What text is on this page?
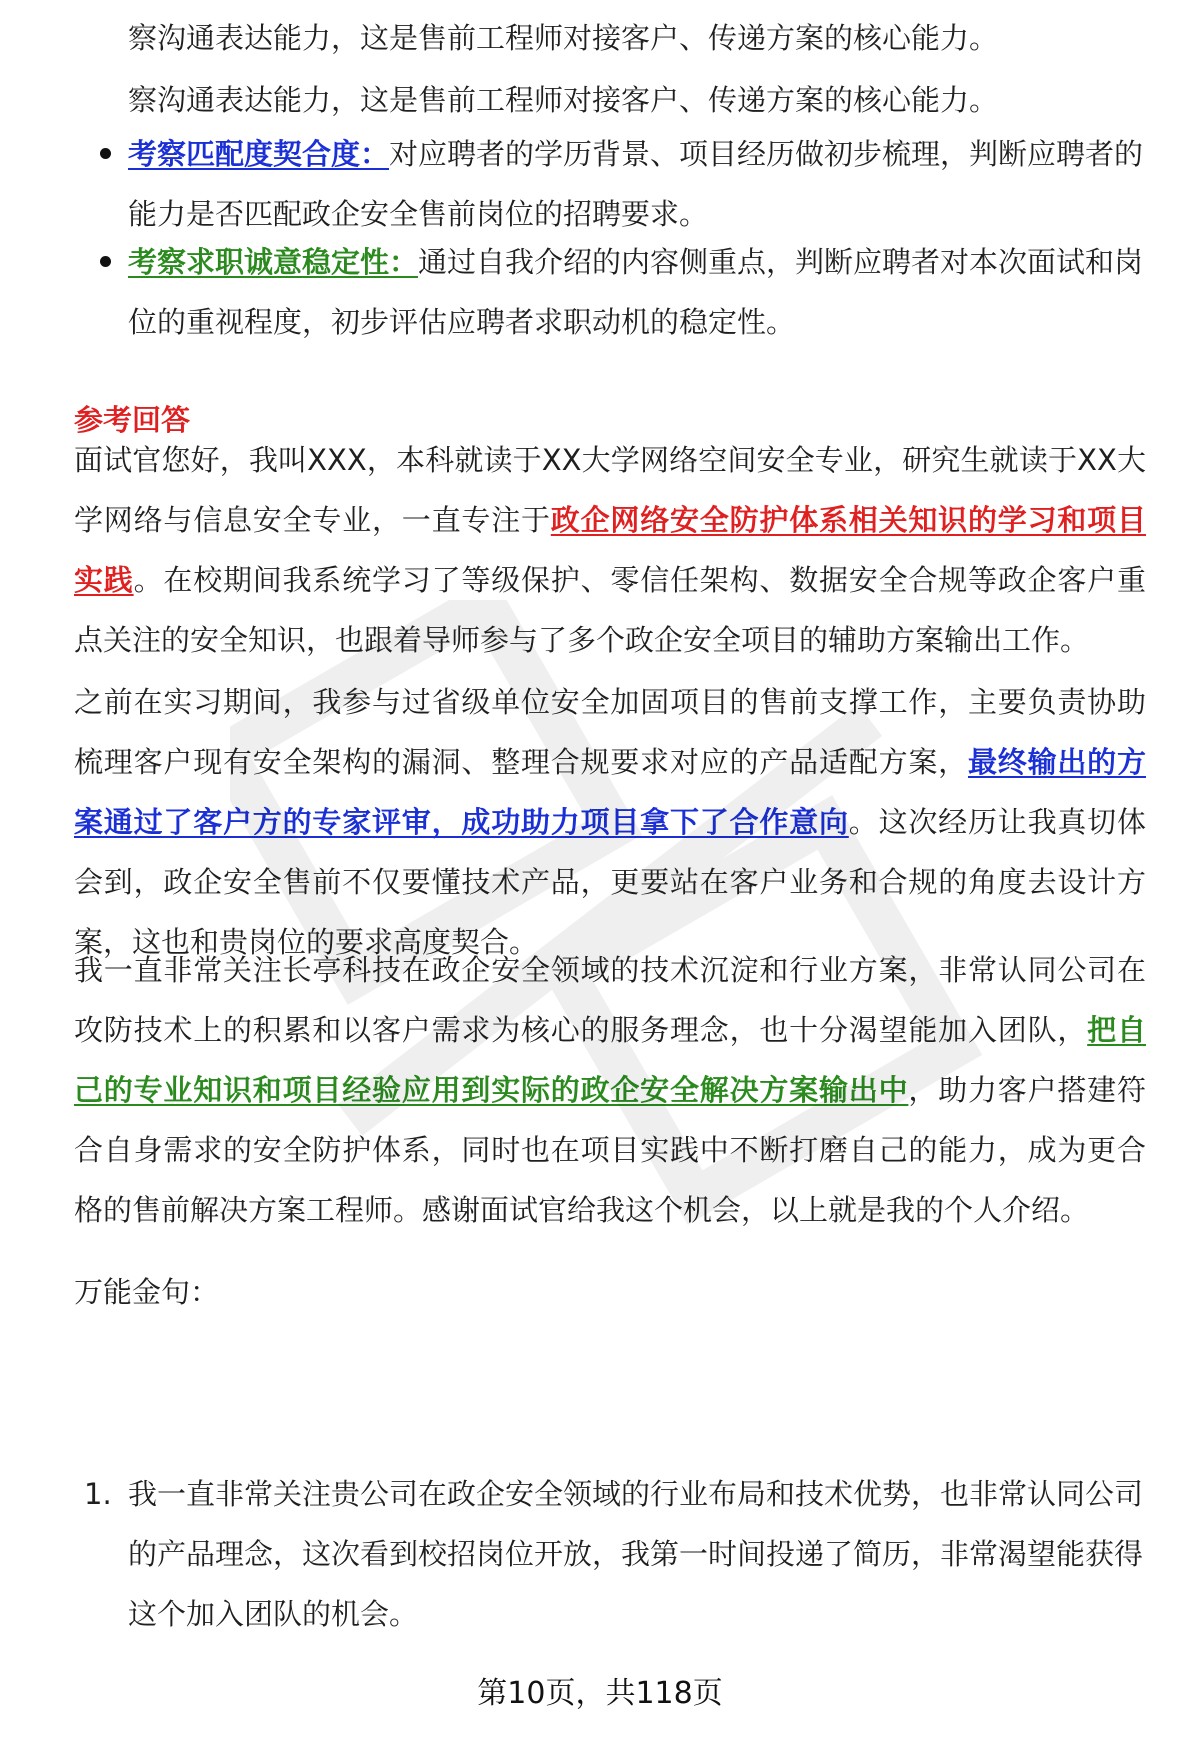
察沟通表达能力，这是售前工程师对接客户、传递方案的核心能力。
察沟通表达能力，这是售前工程师对接客户、传递方案的核心能力。
考察匹配度契合度：对应聘者的学历背景、项目经历做初步梳理，判断应聘者的能力是否匹配政企安全售前岗位的招聘要求。
考察求职诚意稳定性：通过自我介绍的内容侧重点，判断应聘者对本次面试和岗位的重视程度，初步评估应聘者求职动机的稳定性。
参考回答
面试官您好，我叫XXX，本科就读于XX大学网络空间安全专业，研究生就读于XX大学网络与信息安全专业，一直专注于政企网络安全防护体系相关知识的学习和项目实践。在校期间我系统学习了等级保护、零信任架构、数据安全合规等政企客户重点关注的安全知识，也跟着导师参与了多个政企安全项目的辅助方案输出工作。
之前在实习期间，我参与过省级单位安全加固项目的售前支撑工作，主要负责协助梳理客户现有安全架构的漏洞、整理合规要求对应的产品适配方案，最终输出的方案通过了客户方的专家评审，成功助力项目拿下了合作意向。这次经历让我真切体会到，政企安全售前不仅要懂技术产品，更要站在客户业务和合规的角度去设计方案，这也和贵岗位的要求高度契合。
我一直非常关注长亭科技在政企安全领域的技术沉淀和行业方案，非常认同公司在攻防技术上的积累和以客户需求为核心的服务理念，也十分渴望能加入团队，把自己的专业知识和项目经验应用到实际的政企安全解决方案输出中，助力客户搭建符合自身需求的安全防护体系，同时也在项目实践中不断打磨自己的能力，成为更合格的售前解决方案工程师。感谢面试官给我这个机会，以上就是我的个人介绍。
万能金句：
1. 我一直非常关注贵公司在政企安全领域的行业布局和技术优势，也非常认同公司的产品理念，这次看到校招岗位开放，我第一时间投递了简历，非常渴望能获得这个加入团队的机会。
第10页，共118页
